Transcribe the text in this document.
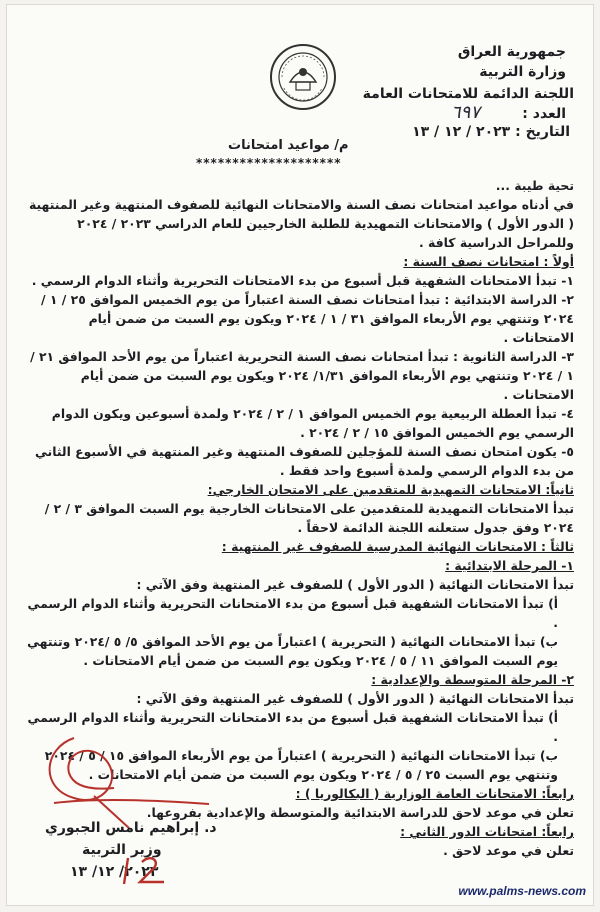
جمهورية العراق
وزارة التربية
اللجنة الدائمة للامتحانات العامة
العدد :
٦٩٧
التاريخ : ٢٠٢٣ / ١٢ / ١٣
م/ مواعيد امتحانات
********************

تحية طيبة ...

في أدناه مواعيد امتحانات نصف السنة والامتحانات النهائية للصفوف المنتهية وغير المنتهية ( الدور الأول ) والامتحانات التمهيدية للطلبة الخارجيين للعام الدراسي ٢٠٢٣ / ٢٠٢٤ وللمراحل الدراسية كافة .

أولاً : امتحانات نصف السنة :

١- تبدأ الامتحانات الشفهية قبل أسبوع من بدء الامتحانات التحريرية وأثناء الدوام الرسمي .

٢- الدراسة الابتدائية : تبدأ امتحانات نصف السنة اعتباراً من يوم الخميس الموافق ٢٥ / ١ / ٢٠٢٤ وتنتهي يوم الأربعاء الموافق ٣١ / ١ / ٢٠٢٤ ويكون يوم السبت من ضمن أيام الامتحانات .

٣- الدراسة الثانوية : تبدأ امتحانات نصف السنة التحريرية اعتباراً من يوم الأحد الموافق ٢١ / ١ / ٢٠٢٤ وتنتهي يوم الأربعاء الموافق ١/٣١/ ٢٠٢٤ ويكون يوم السبت من ضمن أيام الامتحانات .

٤- تبدأ العطلة الربيعية يوم الخميس الموافق ١ / ٢ / ٢٠٢٤ ولمدة أسبوعين ويكون الدوام الرسمي يوم الخميس الموافق ١٥ / ٢ / ٢٠٢٤ .

٥- يكون امتحان نصف السنة للمؤجلين للصفوف المنتهية وغير المنتهية في الأسبوع الثاني من بدء الدوام الرسمي ولمدة أسبوع واحد فقط .

ثانياً: الامتحانات التمهيدية للمتقدمين على الامتحان الخارجي:

تبدأ الامتحانات التمهيدية للمتقدمين على الامتحانات الخارجية يوم السبت الموافق ٣ / ٢ / ٢٠٢٤ وفق جدول ستعلنه اللجنة الدائمة لاحقاً .

ثالثاً : الامتحانات النهائية المدرسية للصفوف غير المنتهية :

١- المرحلة الابتدائية :

تبدأ الامتحانات النهائية ( الدور الأول ) للصفوف غير المنتهية وفق الآتي :

أ) تبدأ الامتحانات الشفهية قبل أسبوع من بدء الامتحانات التحريرية وأثناء الدوام الرسمي .

ب) تبدأ الامتحانات النهائية ( التحريرية ) اعتباراً من يوم الأحد الموافق ٥/ ٥ /٢٠٢٤ وتنتهي يوم السبت الموافق ١١ / ٥ / ٢٠٢٤ ويكون يوم السبت من ضمن أيام الامتحانات .

٢- المرحلة المتوسطة والإعدادية :

تبدأ الامتحانات النهائية ( الدور الأول ) للصفوف غير المنتهية وفق الآتي :

أ) تبدأ الامتحانات الشفهية قبل أسبوع من بدء الامتحانات التحريرية وأثناء الدوام الرسمي .

ب) تبدأ الامتحانات النهائية ( التحريرية ) اعتباراً من يوم الأربعاء الموافق ١٥ / ٥ / ٢٠٢٤ وتنتهي يوم السبت ٢٥ / ٥ / ٢٠٢٤ ويكون يوم السبت من ضمن أيام الامتحانات .

رابعاً: الامتحانات العامة الوزارية ( البكالوريا ) :

تعلن في موعد لاحق للدراسة الابتدائية والمتوسطة والإعدادية بفروعها.

رابعاً: امتحانات الدور الثاني :

تعلن في موعد لاحق .

د. إبراهيم نامس الجبوري
وزير التربية
٢٠٢٣/ ١٢/ ١٣
www.palms-news.com
